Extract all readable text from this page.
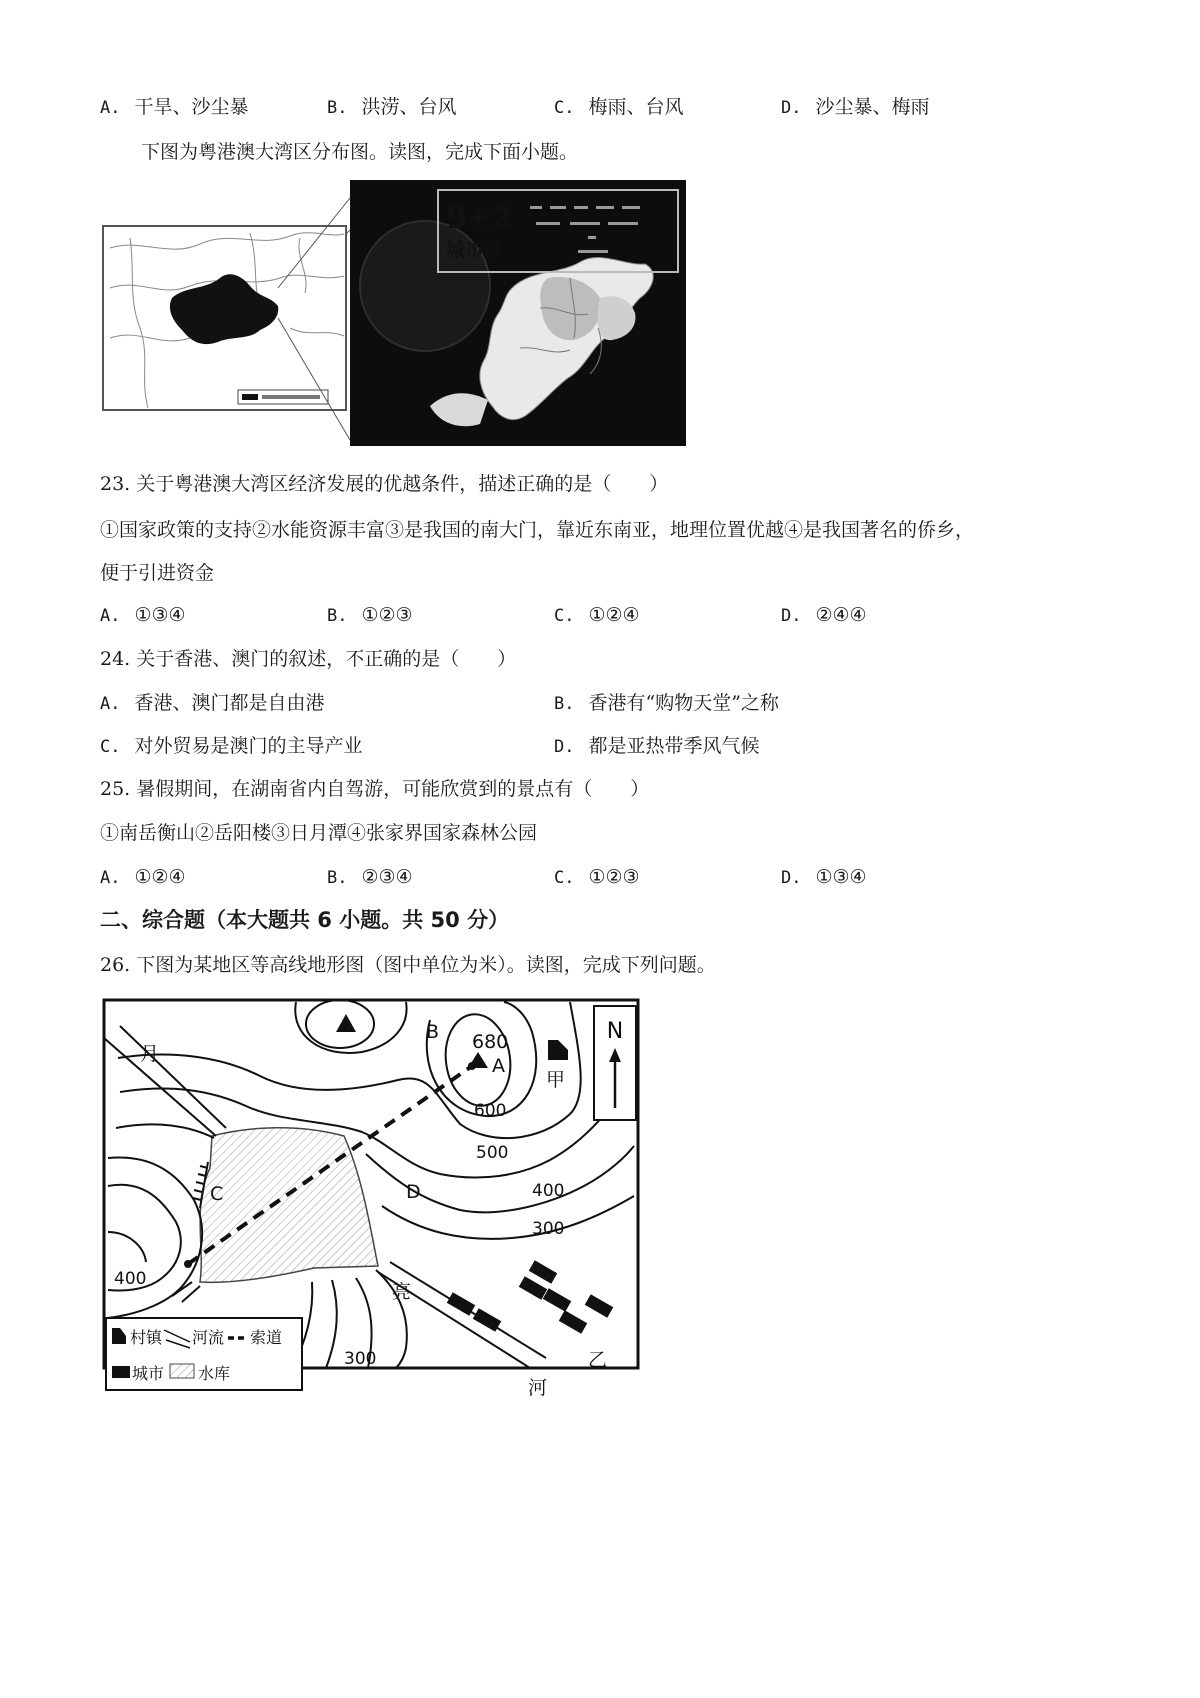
A. 干旱、沙尘暴	B. 洪涝、台风	C. 梅雨、台风	D. 沙尘暴、梅雨
下图为粤港澳大湾区分布图。读图，完成下面小题。
9+2
城市群
23. 关于粤港澳大湾区经济发展的优越条件，描述正确的是（　　）
①国家政策的支持②水能资源丰富③是我国的南大门，靠近东南亚，地理位置优越④是我国著名的侨乡，
便于引进资金
A. ①③④	B. ①②③	C. ①②④	D. ②④④
24. 关于香港、澳门的叙述，不正确的是（　　）
A. 香港、澳门都是自由港	B. 香港有“购物天堂”之称
C. 对外贸易是澳门的主导产业	D. 都是亚热带季风气候
25. 暑假期间，在湖南省内自驾游，可能欣赏到的景点有（　　）
①南岳衡山②岳阳楼③日月潭④张家界国家森林公园
A. ①②④	B. ②③④	C. ①②③	D. ①③④
二、综合题（本大题共 6 小题。共 50 分）
26. 下图为某地区等高线地形图（图中单位为米）。读图，完成下列问题。
N
680
A
B
C	D
600
500
400
300
400
300
甲
乙
月
亮
河
村镇 河流 索道
城市 水库
